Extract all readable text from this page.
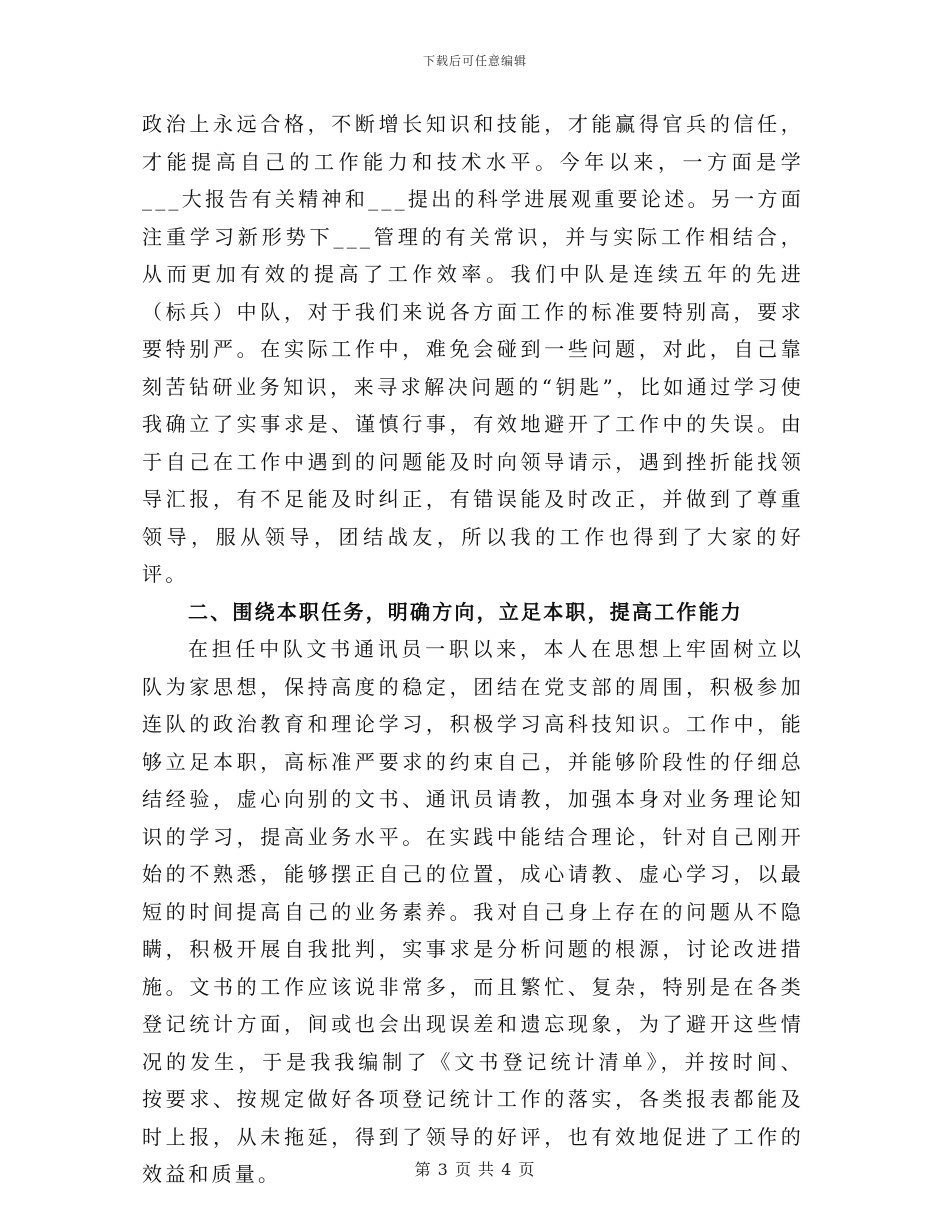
下载后可任意编辑

政治上永远合格，不断增长知识和技能，才能赢得官兵的信任，才能提高自己的工作能力和技术水平。今年以来，一方面是学___大报告有关精神和___提出的科学进展观重要论述。另一方面注重学习新形势下___管理的有关常识，并与实际工作相结合，从而更加有效的提高了工作效率。我们中队是连续五年的先进（标兵）中队，对于我们来说各方面工作的标准要特别高，要求要特别严。在实际工作中，难免会碰到一些问题，对此，自己靠刻苦钻研业务知识，来寻求解决问题的“钥匙”，比如通过学习使我确立了实事求是、谨慎行事，有效地避开了工作中的失误。由于自己在工作中遇到的问题能及时向领导请示，遇到挫折能找领导汇报，有不足能及时纠正，有错误能及时改正，并做到了尊重领导，服从领导，团结战友，所以我的工作也得到了大家的好评。

二、围绕本职任务，明确方向，立足本职，提高工作能力

在担任中队文书通讯员一职以来，本人在思想上牢固树立以队为家思想，保持高度的稳定，团结在党支部的周围，积极参加连队的政治教育和理论学习，积极学习高科技知识。工作中，能够立足本职，高标准严要求的约束自己，并能够阶段性的仔细总结经验，虚心向别的文书、通讯员请教，加强本身对业务理论知识的学习，提高业务水平。在实践中能结合理论，针对自己刚开始的不熟悉，能够摆正自己的位置，成心请教、虚心学习，以最短的时间提高自己的业务素养。我对自己身上存在的问题从不隐瞒，积极开展自我批判，实事求是分析问题的根源，讨论改进措施。文书的工作应该说非常多，而且繁忙、复杂，特别是在各类登记统计方面，间或也会出现误差和遗忘现象，为了避开这些情况的发生，于是我我编制了《文书登记统计清单》，并按时间、按要求、按规定做好各项登记统计工作的落实，各类报表都能及时上报，从未拖延，得到了领导的好评，也有效地促进了工作的效益和质量。	第 3 页 共 4 页
